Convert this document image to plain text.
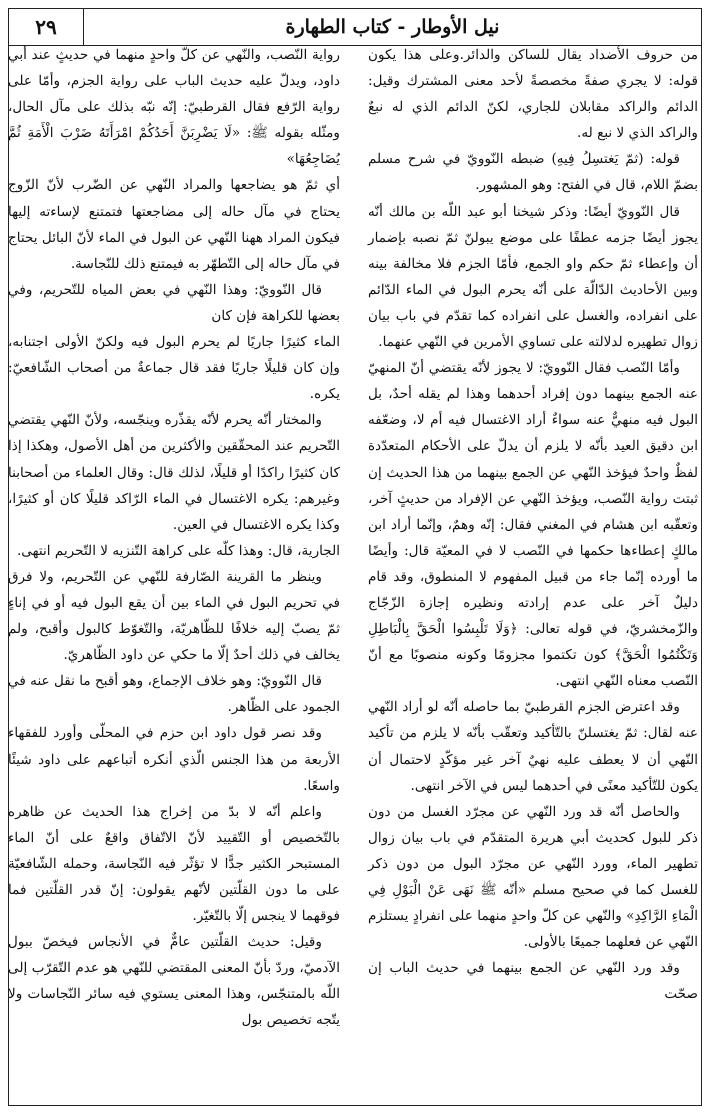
نيل الأوطار - كتاب الطهارة
٢٩

من حروف الأضداد يقال للساكن والدائر.وعلى هذا يكون قوله: لا يجري صفةً مخصصةً لأحد معنى المشترك وقيل: الدائم والراكد مقابلان للجاري، لكنّ الدائم الذي له نبعٌ والراكد الذي لا نبع له.

قوله: (ثمّ يَغتسِلُ فِيهِ) ضبطه النّوويّ في شرح مسلم بضمّ اللام، قال في الفتح: وهو المشهور.

قال النّوويّ أيضًا: وذكر شيخنا أبو عبد اللّه بن مالك أنّه يجوز أيضًا جزمه عطفًا على موضع يبولنّ ثمّ نصبه بإضمار أن وإعطاء ثمّ حكم واو الجمع، فأمّا الجزم فلا مخالفة بينه وبين الأحاديث الدّالّة على أنّه يحرم البول في الماء الدّائم على انفراده، والغسل على انفراده كما تقدّم في باب بيان زوال تطهيره لدلالته على تساوي الأمرين في النّهي عنهما.

وأمّا النّصب فقال النّوويّ: لا يجوز لأنّه يقتضي أنّ المنهيّ عنه الجمع بينهما دون إفراد أحدهما وهذا لم يقله أحدٌ، بل البول فيه منهيٌّ عنه سواءٌ أراد الاغتسال فيه أم لا، وضعّفه ابن دقيق العيد بأنّه لا يلزم أن يدلّ على الأحكام المتعدّدة لفظٌ واحدٌ فيؤخذ النّهي عن الجمع بينهما من هذا الحديث إن ثبتت رواية النّصب، ويؤخذ النّهي عن الإفراد من حديثٍ آخر، وتعقّبه ابن هشام في المغني فقال: إنّه وهمٌ، وإنّما أراد ابن مالكٍ إعطاءها حكمها في النّصب لا في المعيّة قال: وأيضًا ما أورده إنّما جاء من قبيل المفهوم لا المنطوق، وقد قام دليلٌ آخر على عدم إرادته ونظيره إجازة الزّجّاج والزّمخشريّ، في قوله تعالى: ﴿وَلَا تَلْبِسُوا الْحَقَّ بِالْبَاطِلِ وَتَكْتُمُوا الْحَقَّ﴾ كون تكتموا مجزومًا وكونه منصوبًا مع أنّ النّصب معناه النّهي انتهى.

وقد اعترض الجزم القرطبيّ بما حاصله أنّه لو أراد النّهي عنه لقال: ثمّ يغتسلنّ بالتّأكيد وتعقّب بأنّه لا يلزم من تأكيد النّهي أن لا يعطف عليه نهيٌ آخر غير مؤكّدٍ لاحتمال أن يكون للتّأكيد معنًى في أحدهما ليس في الآخر انتهى.

والحاصل أنّه قد ورد النّهي عن مجرّد الغسل من دون ذكر للبول كحديث أبي هريرة المتقدّم في باب بيان زوال تطهير الماء، وورد النّهي عن مجرّد البول من دون ذكر للغسل كما في صحيح مسلم «أنّه ﷺ نَهَى عَنْ الْبَوْلِ فِي الْمَاءِ الرَّاكِدِ» والنّهي عن كلّ واحدٍ منهما على انفرادٍ يستلزم النّهي عن فعلهما جميعًا بالأولى.

وقد ورد النّهي عن الجمع بينهما في حديث الباب إن صحّت

رواية النّصب، والنّهي عن كلّ واحدٍ منهما في حديثٍ عند أبي داود، ويدلّ عليه حديث الباب على رواية الجزم، وأمّا على رواية الرّفع فقال القرطبيّ: إنّه نبّه بذلك على مآل الحال، ومثّله بقوله ﷺ: «لَا يَضْرِبَنَّ أَحَدُكُمْ امْرَأَتَهُ ضَرْبَ الْأَمَةِ ثُمَّ يُضَاجِعُهَا»

أي ثمّ هو يضاجعها والمراد النّهي عن الضّرب لأنّ الزّوج يحتاج في مآل حاله إلى مضاجعتها فتمتنع لإساءته إليها فيكون المراد ههنا النّهي عن البول في الماء لأنّ البائل يحتاج في مآل حاله إلى التّطهّر به فيمتنع ذلك للنّجاسة.

قال النّوويّ: وهذا النّهي في بعض المياه للتّحريم، وفي بعضها للكراهة فإن كان

الماء كثيرًا جاريًا لم يحرم البول فيه ولكنّ الأولى اجتنابه، وإن كان قليلًا جاريًا فقد قال جماعةٌ من أصحاب الشّافعيّ: يكره.

والمختار أنّه يحرم لأنّه يقذّره وينجّسه، ولأنّ النّهي يقتضي التّحريم عند المحقّقين والأكثرين من أهل الأصول، وهكذا إذا كان كثيرًا راكدًا أو قليلًا، لذلك قال: وقال العلماء من أصحابنا وغيرهم: يكره الاغتسال في الماء الرّاكد قليلًا كان أو كثيرًا، وكذا يكره الاغتسال في العين.

الجارية، قال: وهذا كلّه على كراهة التّنزيه لا التّحريم انتهى.

وينظر ما القرينة الصّارفة للنّهي عن التّحريم، ولا فرق في تحريم البول في الماء بين أن يقع البول فيه أو في إناءٍ ثمّ يصبّ إليه خلافًا للظّاهريّة، والتّغوّط كالبول وأقبح، ولم يخالف في ذلك أحدٌ إلّا ما حكي عن داود الظّاهريّ.

قال النّوويّ: وهو خلاف الإجماع، وهو أقبح ما نقل عنه في الجمود على الظّاهر.

وقد نصر قول داود ابن حزم في المحلّى وأورد للفقهاء الأربعة من هذا الجنس الّذي أنكره أتباعهم على داود شيئًا واسعًا.

واعلم أنّه لا بدّ من إخراج هذا الحديث عن ظاهره بالتّخصيص أو التّقييد لأنّ الاتّفاق واقعٌ على أنّ الماء المستبحر الكثير جدًّا لا تؤثّر فيه النّجاسة، وحمله الشّافعيّة على ما دون القلّتين لأنّهم يقولون: إنّ قدر القلّتين فما فوقهما لا ينجس إلّا بالتّغيّر.

وقيل: حديث القلّتين عامٌّ في الأنجاس فيخصّ ببول الآدميّ، وردّ بأنّ المعنى المقتضي للنّهي هو عدم التّقرّب إلى اللّه بالمتنجّس، وهذا المعنى يستوي فيه سائر النّجاسات ولا يتّجه تخصيص بول
